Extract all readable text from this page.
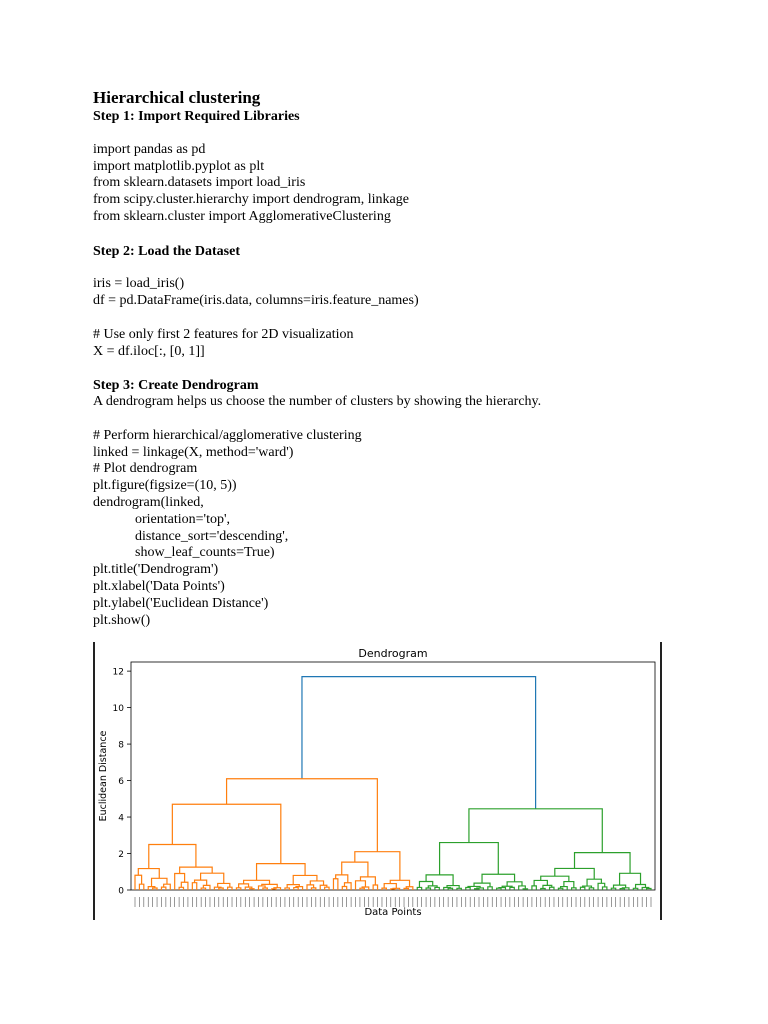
Hierarchical clustering

Step 1: Import Required Libraries

import pandas as pd

import matplotlib.pyplot as plt

from sklearn.datasets import load_iris

from scipy.cluster.hierarchy import dendrogram, linkage

from sklearn.cluster import AgglomerativeClustering

Step 2: Load the Dataset

iris = load_iris()

df = pd.DataFrame(iris.data, columns=iris.feature_names)

# Use only first 2 features for 2D visualization

X = df.iloc[:, [0, 1]]

Step 3: Create Dendrogram

A dendrogram helps us choose the number of clusters by showing the hierarchy.

# Perform hierarchical/agglomerative clustering

linked = linkage(X, method='ward')

# Plot dendrogram

plt.figure(figsize=(10, 5))

dendrogram(linked,

orientation='top',

distance_sort='descending',

show_leaf_counts=True)

plt.title('Dendrogram')

plt.xlabel('Data Points')

plt.ylabel('Euclidean Distance')

plt.show()

0
2
4
6
8
10
12
Dendrogram
Data Points
Euclidean Distance
